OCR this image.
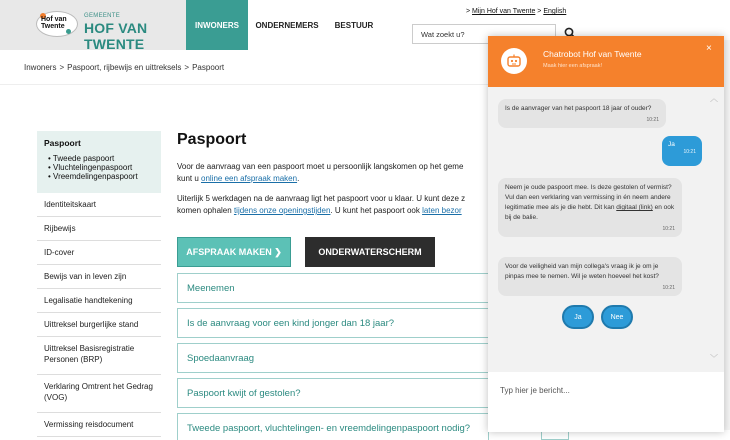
Hof van
Twente
GEMEENTE
HOF VAN TWENTE
INWONERS	ONDERNEMERS	BESTUUR
> Mijn Hof van Twente > English
Wat zoekt u?
Inwoners > Paspoort, rijbewijs en uittreksels > Paspoort
Paspoort
• Tweede paspoort
• Vluchtelingenpaspoort
• Vreemdelingenpaspoort
Identiteitskaart
Rijbewijs
ID-cover
Bewijs van in leven zijn
Legalisatie handtekening
Uittreksel burgerlijke stand
Uittreksel Basisregistratie Personen (BRP)
Verklaring Omtrent het Gedrag (VOG)
Vermissing reisdocument
Paspoort
Voor de aanvraag van een paspoort moet u persoonlijk langskomen op het geme
kunt u online een afspraak maken.
Uiterlijk 5 werkdagen na de aanvraag ligt het paspoort voor u klaar. U kunt deze z
komen ophalen tijdens onze openingstijden. U kunt het paspoort ook laten bezor
AFSPRAAK MAKEN ❯	ONDERWATERSCHERM
Meenemen
Is de aanvraag voor een kind jonger dan 18 jaar?
Spoedaanvraag
Paspoort kwijt of gestolen?
Tweede paspoort, vluchtelingen- en vreemdelingenpaspoort nodig?
Chatrobot Hof van Twente
Maak hier een afspraak!
×
︿
Is de aanvrager van het paspoort 18 jaar of ouder?
10:21
Ja
10:21
Neem je oude paspoort mee. Is deze gestolen of vermist? Vul dan een verklaring van vermissing in én neem andere legitimatie mee als je die hebt. Dit kan digitaal (link) en ook bij de balie.
10:21
Voor de veiligheid van mijn collega's vraag ik je om je pinpas mee te nemen. Wil je weten hoeveel het kost?
10:21
Ja	Nee
﹀
Typ hier je bericht...
